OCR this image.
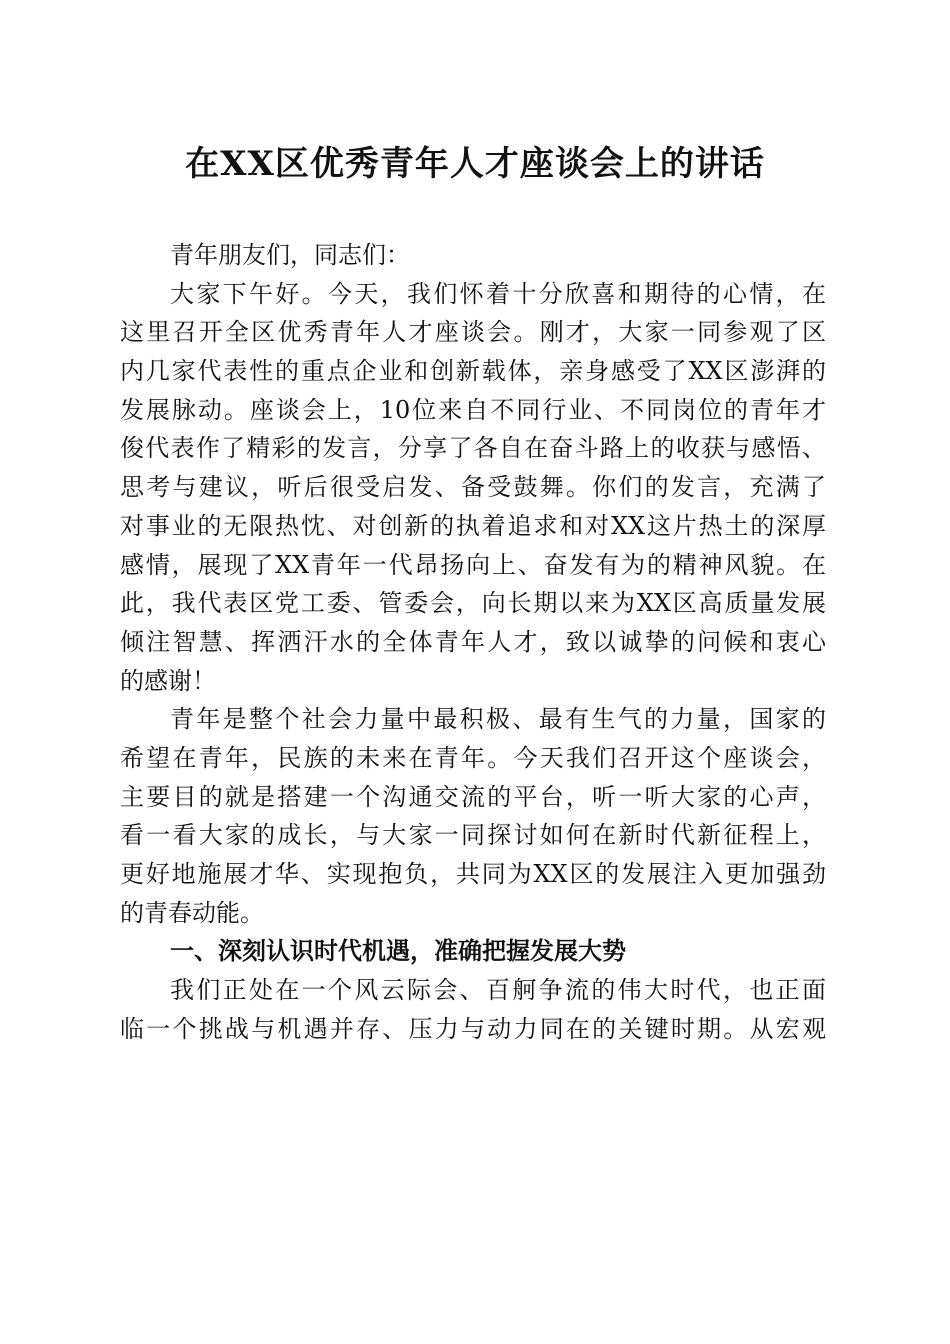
在XX区优秀青年人才座谈会上的讲话
青年朋友们，同志们：
大家下午好。今天，我们怀着十分欣喜和期待的心情，在
这里召开全区优秀青年人才座谈会。刚才，大家一同参观了区
内几家代表性的重点企业和创新载体，亲身感受了XX区澎湃的
发展脉动。座谈会上，10位来自不同行业、不同岗位的青年才
俊代表作了精彩的发言，分享了各自在奋斗路上的收获与感悟、
思考与建议，听后很受启发、备受鼓舞。你们的发言，充满了
对事业的无限热忱、对创新的执着追求和对XX这片热土的深厚
感情，展现了XX青年一代昂扬向上、奋发有为的精神风貌。在
此，我代表区党工委、管委会，向长期以来为XX区高质量发展
倾注智慧、挥洒汗水的全体青年人才，致以诚挚的问候和衷心
的感谢！
青年是整个社会力量中最积极、最有生气的力量，国家的
希望在青年，民族的未来在青年。今天我们召开这个座谈会，
主要目的就是搭建一个沟通交流的平台，听一听大家的心声，
看一看大家的成长，与大家一同探讨如何在新时代新征程上，
更好地施展才华、实现抱负，共同为XX区的发展注入更加强劲
的青春动能。
一、深刻认识时代机遇，准确把握发展大势
我们正处在一个风云际会、百舸争流的伟大时代，也正面
临一个挑战与机遇并存、压力与动力同在的关键时期。从宏观
